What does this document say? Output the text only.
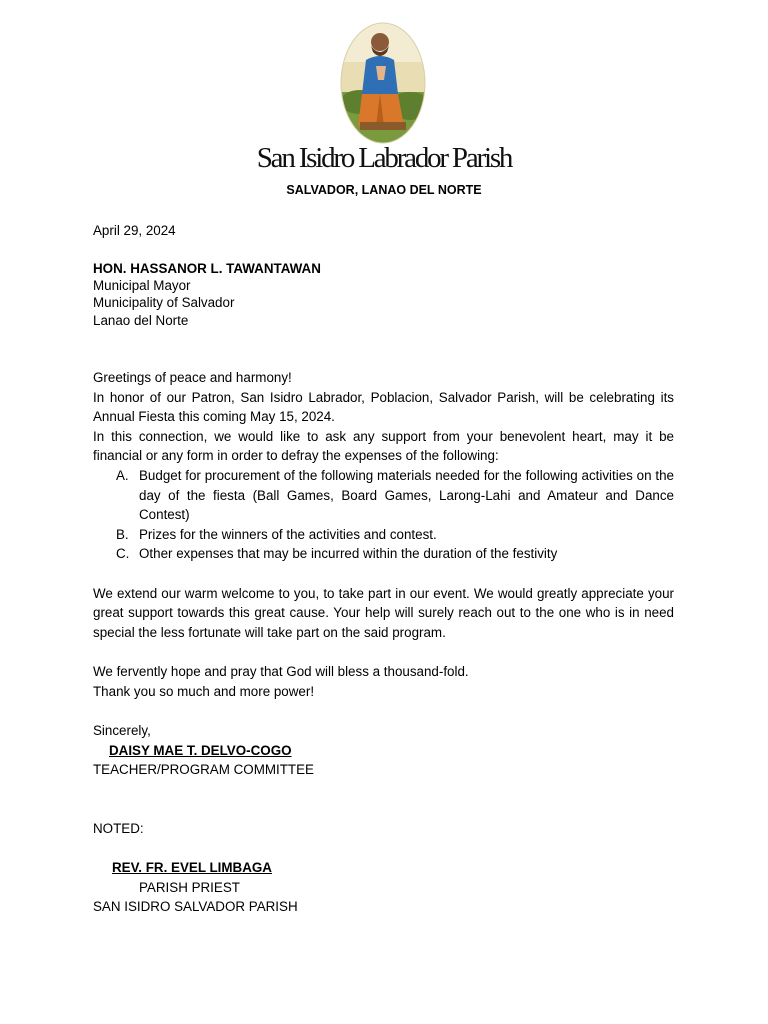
San Isidro Labrador Parish
SALVADOR, LANAO DEL NORTE
April 29, 2024
HON. HASSANOR L. TAWANTAWAN
Municipal Mayor
Municipality of Salvador
Lanao del Norte

Greetings of peace and harmony!

In honor of our Patron, San Isidro Labrador, Poblacion, Salvador Parish, will be celebrating its Annual Fiesta this coming May 15, 2024.

In this connection, we would like to ask any support from your benevolent heart, may it be financial or any form in order to defray the expenses of the following:

A. Budget for procurement of the following materials needed for the following activities on the day of the fiesta (Ball Games, Board Games, Larong-Lahi and Amateur and Dance Contest)
B. Prizes for the winners of the activities and contest.
C. Other expenses that may be incurred within the duration of the festivity

We extend our warm welcome to you, to take part in our event. We would greatly appreciate your great support towards this great cause. Your help will surely reach out to the one who is in need special the less fortunate will take part on the said program.

We fervently hope and pray that God will bless a thousand-fold.

Thank you so much and more power!

Sincerely,

DAISY MAE T. DELVO-COGO
TEACHER/PROGRAM COMMITTEE
NOTED:
REV. FR. EVEL LIMBAGA
PARISH PRIEST
SAN ISIDRO SALVADOR PARISH
